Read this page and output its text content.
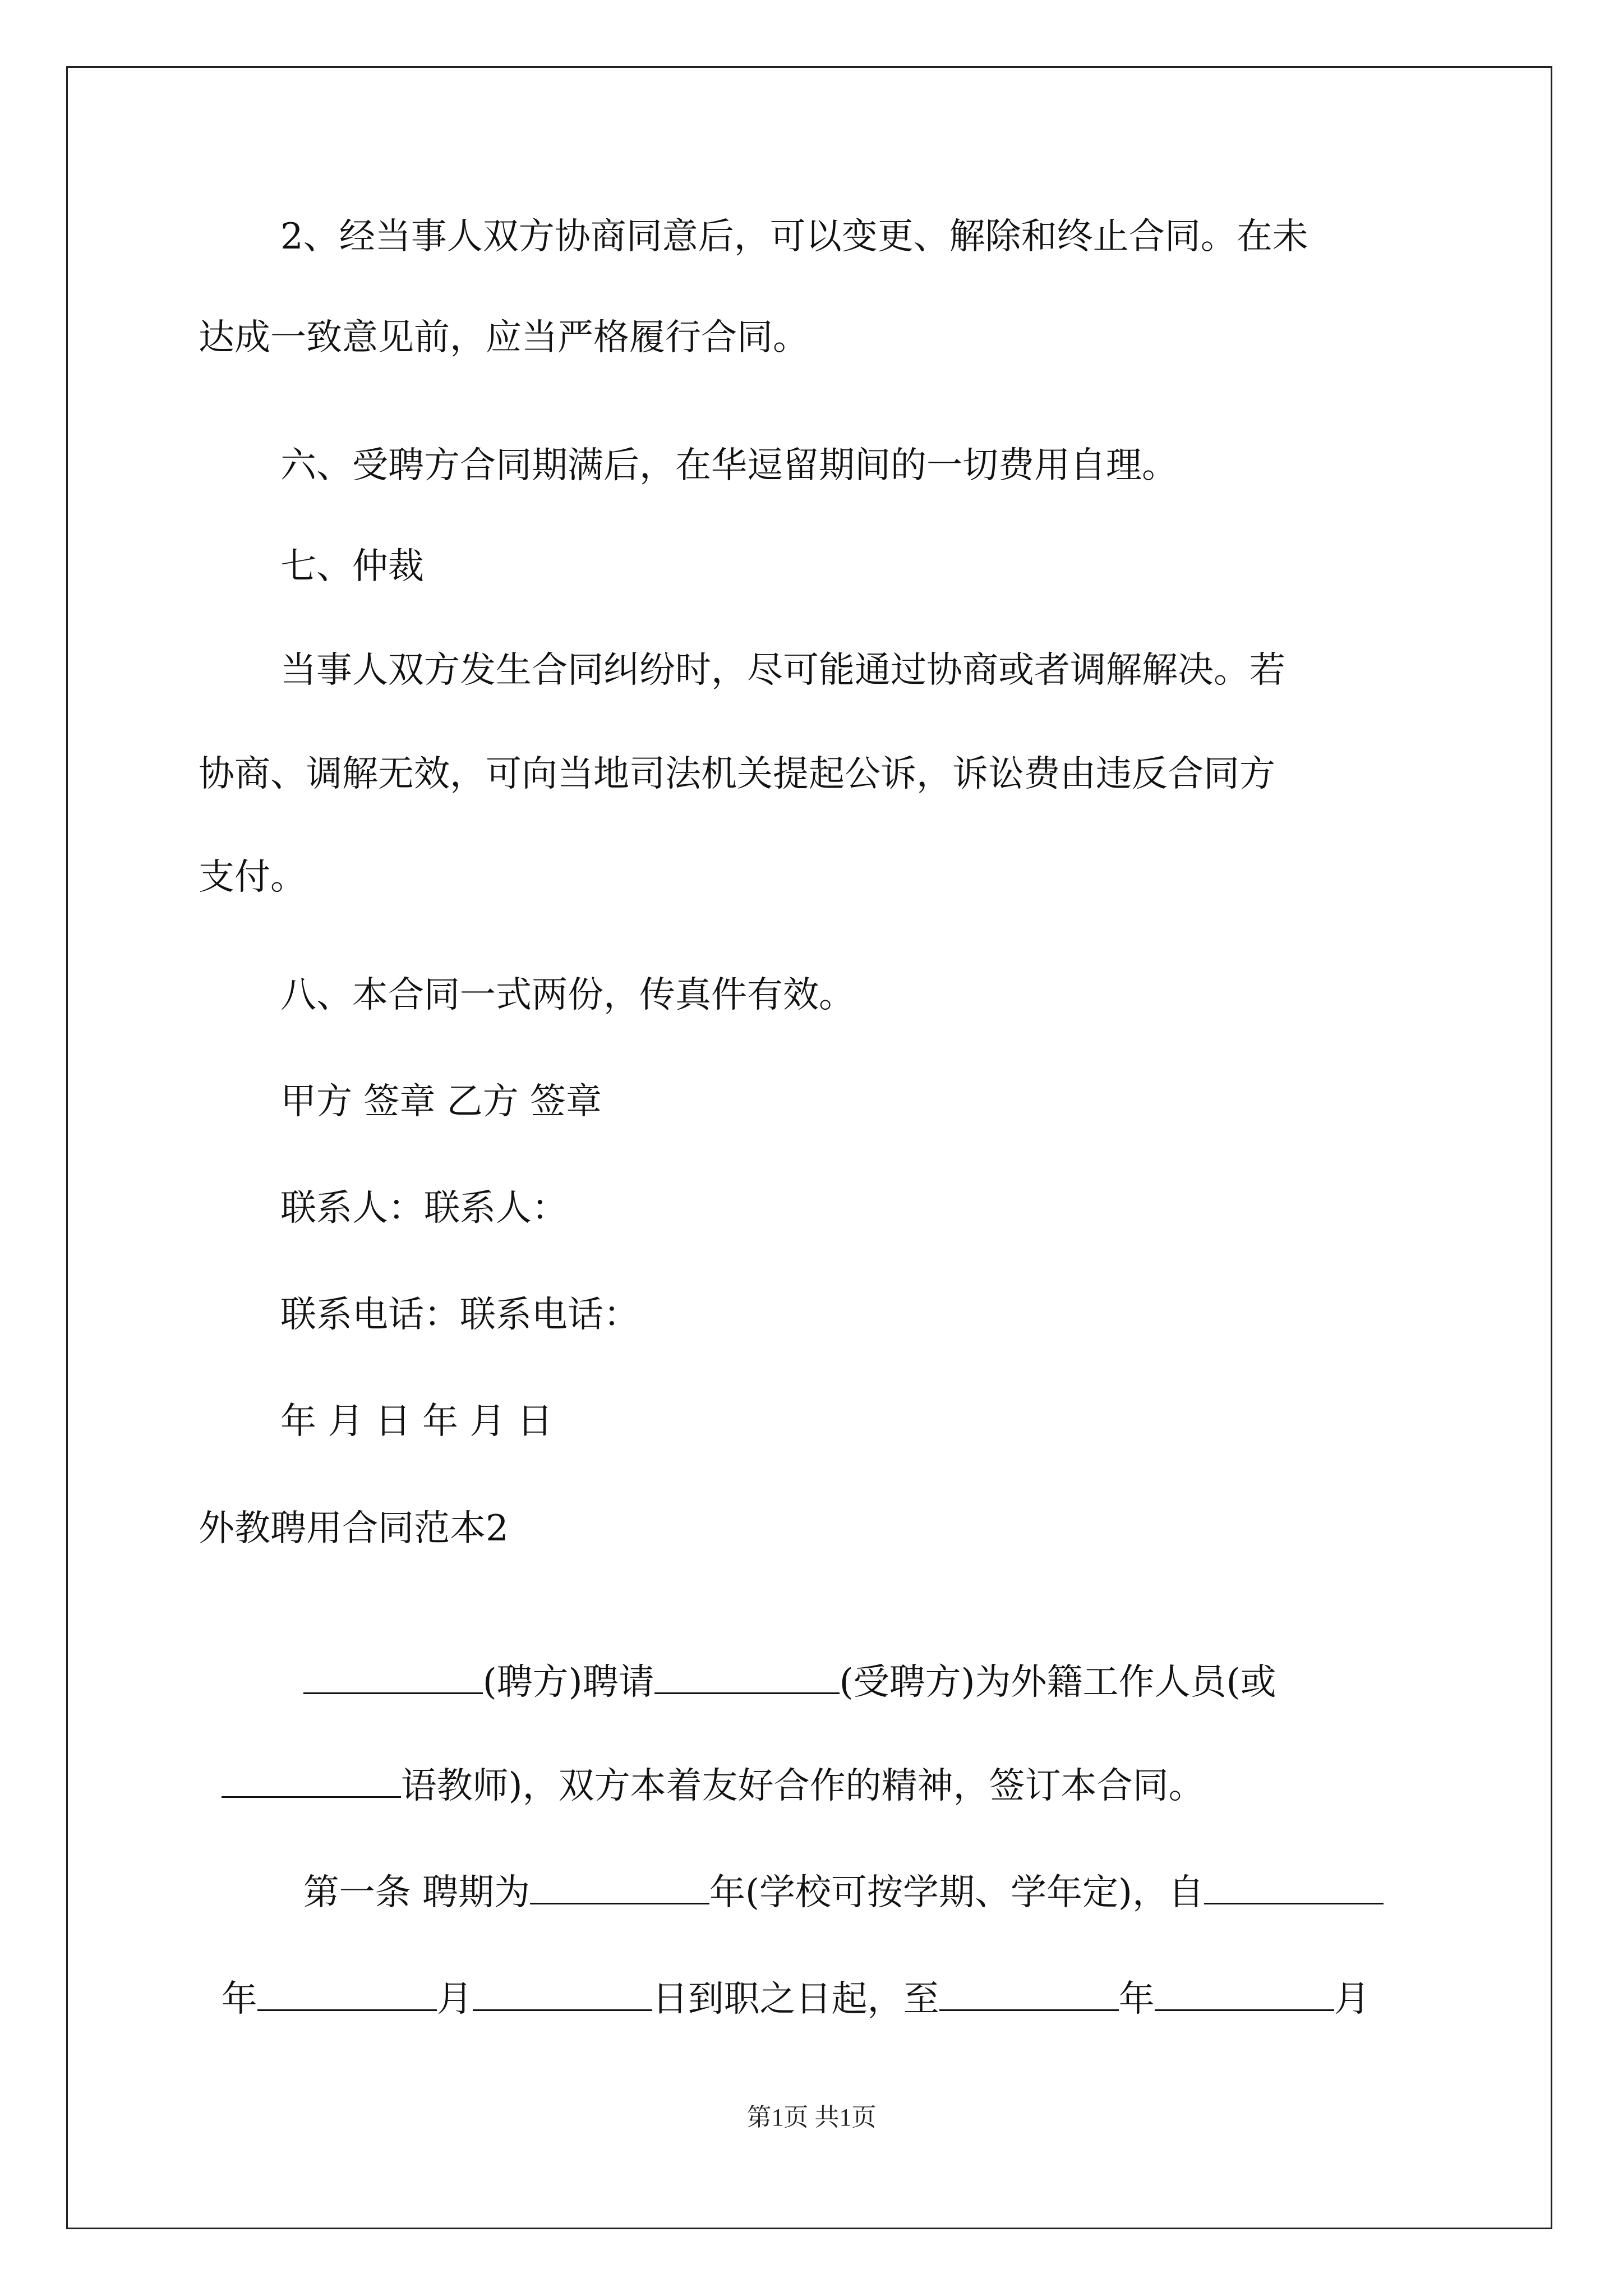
2、经当事人双方协商同意后，可以变更、解除和终止合同。在未
达成一致意见前，应当严格履行合同。
六、受聘方合同期满后，在华逗留期间的一切费用自理。
七、仲裁
当事人双方发生合同纠纷时，尽可能通过协商或者调解解决。若
协商、调解无效，可向当地司法机关提起公诉，诉讼费由违反合同方
支付。
八、本合同一式两份，传真件有效。
甲方 签章 乙方 签章
联系人：联系人：
联系电话：联系电话：
年 月 日 年 月 日
外教聘用合同范本2

(聘方)聘请	(受聘方)为外籍工作人员(或

语教师)，双方本着友好合作的精神，签订本合同。

第一条 聘期为	年(学校可按学期、学年定)，自

年	月	日到职之日起，至	年	月

第1页 共1页
